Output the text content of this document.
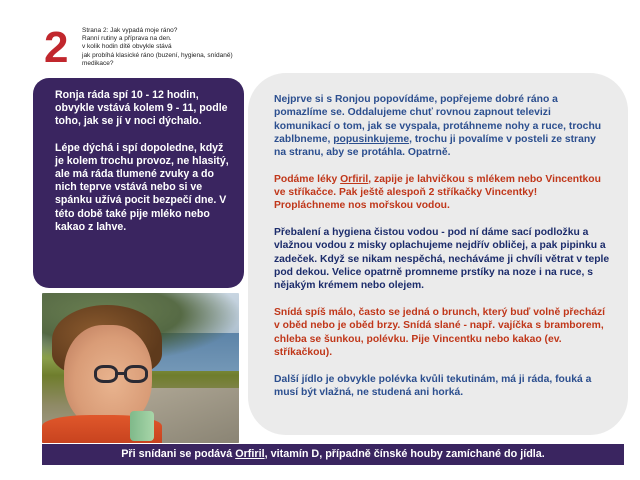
2 Strana 2: Jak vypadá moje ráno?
Ranní rutiny a příprava na den.
v kolik hodin dítě obvykle stává
jak probíhá klasické ráno (buzení, hygiena, snídaně)
medikace?

Ronja ráda spí 10 - 12 hodin, obvykle vstává kolem 9 - 11, podle toho, jak se jí v noci dýchalo.

Lépe dýchá i spí dopoledne, když je kolem trochu provoz, ne hlasitý, ale má ráda tlumené zvuky a do nich teprve vstává nebo si ve spánku užívá pocit bezpečí dne. V této době také pije mléko nebo kakao z lahve.

Nejprve si s Ronjou popovídáme, popřejeme dobré ráno a pomazlíme se. Oddalujeme chuť rovnou zapnout televizi komunikací o tom, jak se vyspala, protáhneme nohy a ruce, trochu zablbneme, popusinkujeme, trochu ji povalíme v posteli ze strany na stranu, aby se protáhla. Opatrně.

Podáme léky Orfiril, zapije je lahvičkou s mlékem nebo Vincentkou ve stříkačce. Pak ještě alespoň 2 stříkačky Vincentky! Propláchneme nos mořskou vodou.

Přebalení a hygiena čistou vodou - pod ní dáme sací podložku a vlažnou vodou z misky oplachujeme nejdřív obličej, a pak pipinku a zadeček. Když se nikam nespěchá, necháváme ji chvíli větrat v teple pod dekou. Velice opatrně promneme prstíky na noze i na ruce, s nějakým krémem nebo olejem.

Snídá spíš málo, často se jedná o brunch, který buď volně přechází v oběd nebo je oběd brzy. Snídá slané - např. vajíčka s bramborem, chleba se šunkou, polévku. Pije Vincentku nebo kakao (ev. stříkačkou).

Další jídlo je obvykle polévka kvůli tekutinám, má ji ráda, fouká a musí být vlažná, ne studená ani horká.

Při snídani se podává Orfiril, vitamín D, případně čínské houby zamíchané do jídla.
